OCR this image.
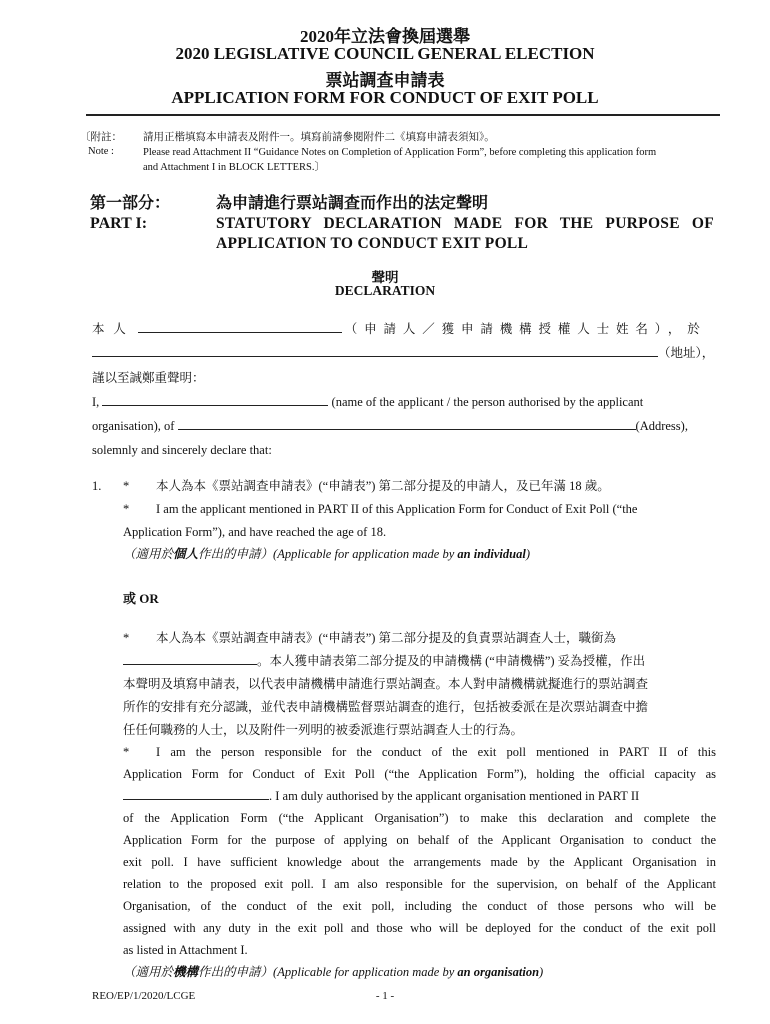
2020年立法會換屆選舉
2020 LEGISLATIVE COUNCIL GENERAL ELECTION
票站調查申請表
APPLICATION FORM FOR CONDUCT OF EXIT POLL
〔附註：
Note :
請用正楷填寫本申請表及附件一。填寫前請參閱附件二《填寫申請表須知》。
Please read Attachment II “Guidance Notes on Completion of Application Form”, before completing this application form
and Attachment I in BLOCK LETTERS.〕
第一部分：
PART I:
為申請進行票站調查而作出的法定聲明
STATUTORY DECLARATION MADE FOR THE PURPOSE OF
APPLICATION TO CONDUCT EXIT POLL
聲明
DECLARATION
本人	（申請人／獲申請機構授權人士姓名），於
（地址），
謹以至誠鄭重聲明：
I,	(name of the applicant / the person authorised by the applicant
organisation), of	(Address),
solemnly and sincerely declare that:
1. * 本人為本《票站調查申請表》(“申請表”) 第二部分提及的申請人，及已年滿 18 歲。
* I am the applicant mentioned in PART II of this Application Form for Conduct of Exit Poll (“the
Application Form”), and have reached the age of 18.
（適用於個人作出的申請）(Applicable for application made by an individual)
或 OR
* 本人為本《票站調查申請表》(“申請表”) 第二部分提及的負責票站調查人士，職銜為
。本人獲申請表第二部分提及的申請機構 (“申請機構”) 妥為授權，作出
本聲明及填寫申請表，以代表申請機構申請進行票站調查。本人對申請機構就擬進行的票站調查
所作的安排有充分認識，並代表申請機構監督票站調查的進行，包括被委派在是次票站調查中擔
任任何職務的人士，以及附件一列明的被委派進行票站調查人士的行為。
* I am the person responsible for the conduct of the exit poll mentioned in PART II of this
Application Form for Conduct of Exit Poll (“the Application Form”), holding the official capacity as
. I am duly authorised by the applicant organisation mentioned in PART II
of the Application Form (“the Applicant Organisation”) to make this declaration and complete the
Application Form for the purpose of applying on behalf of the Applicant Organisation to conduct the
exit poll. I have sufficient knowledge about the arrangements made by the Applicant Organisation in
relation to the proposed exit poll. I am also responsible for the supervision, on behalf of the Applicant
Organisation, of the conduct of the exit poll, including the conduct of those persons who will be
assigned with any duty in the exit poll and those who will be deployed for the conduct of the exit poll
as listed in Attachment I.
（適用於機構作出的申請）(Applicable for application made by an organisation)
REO/EP/1/2020/LCGE	- 1 -
